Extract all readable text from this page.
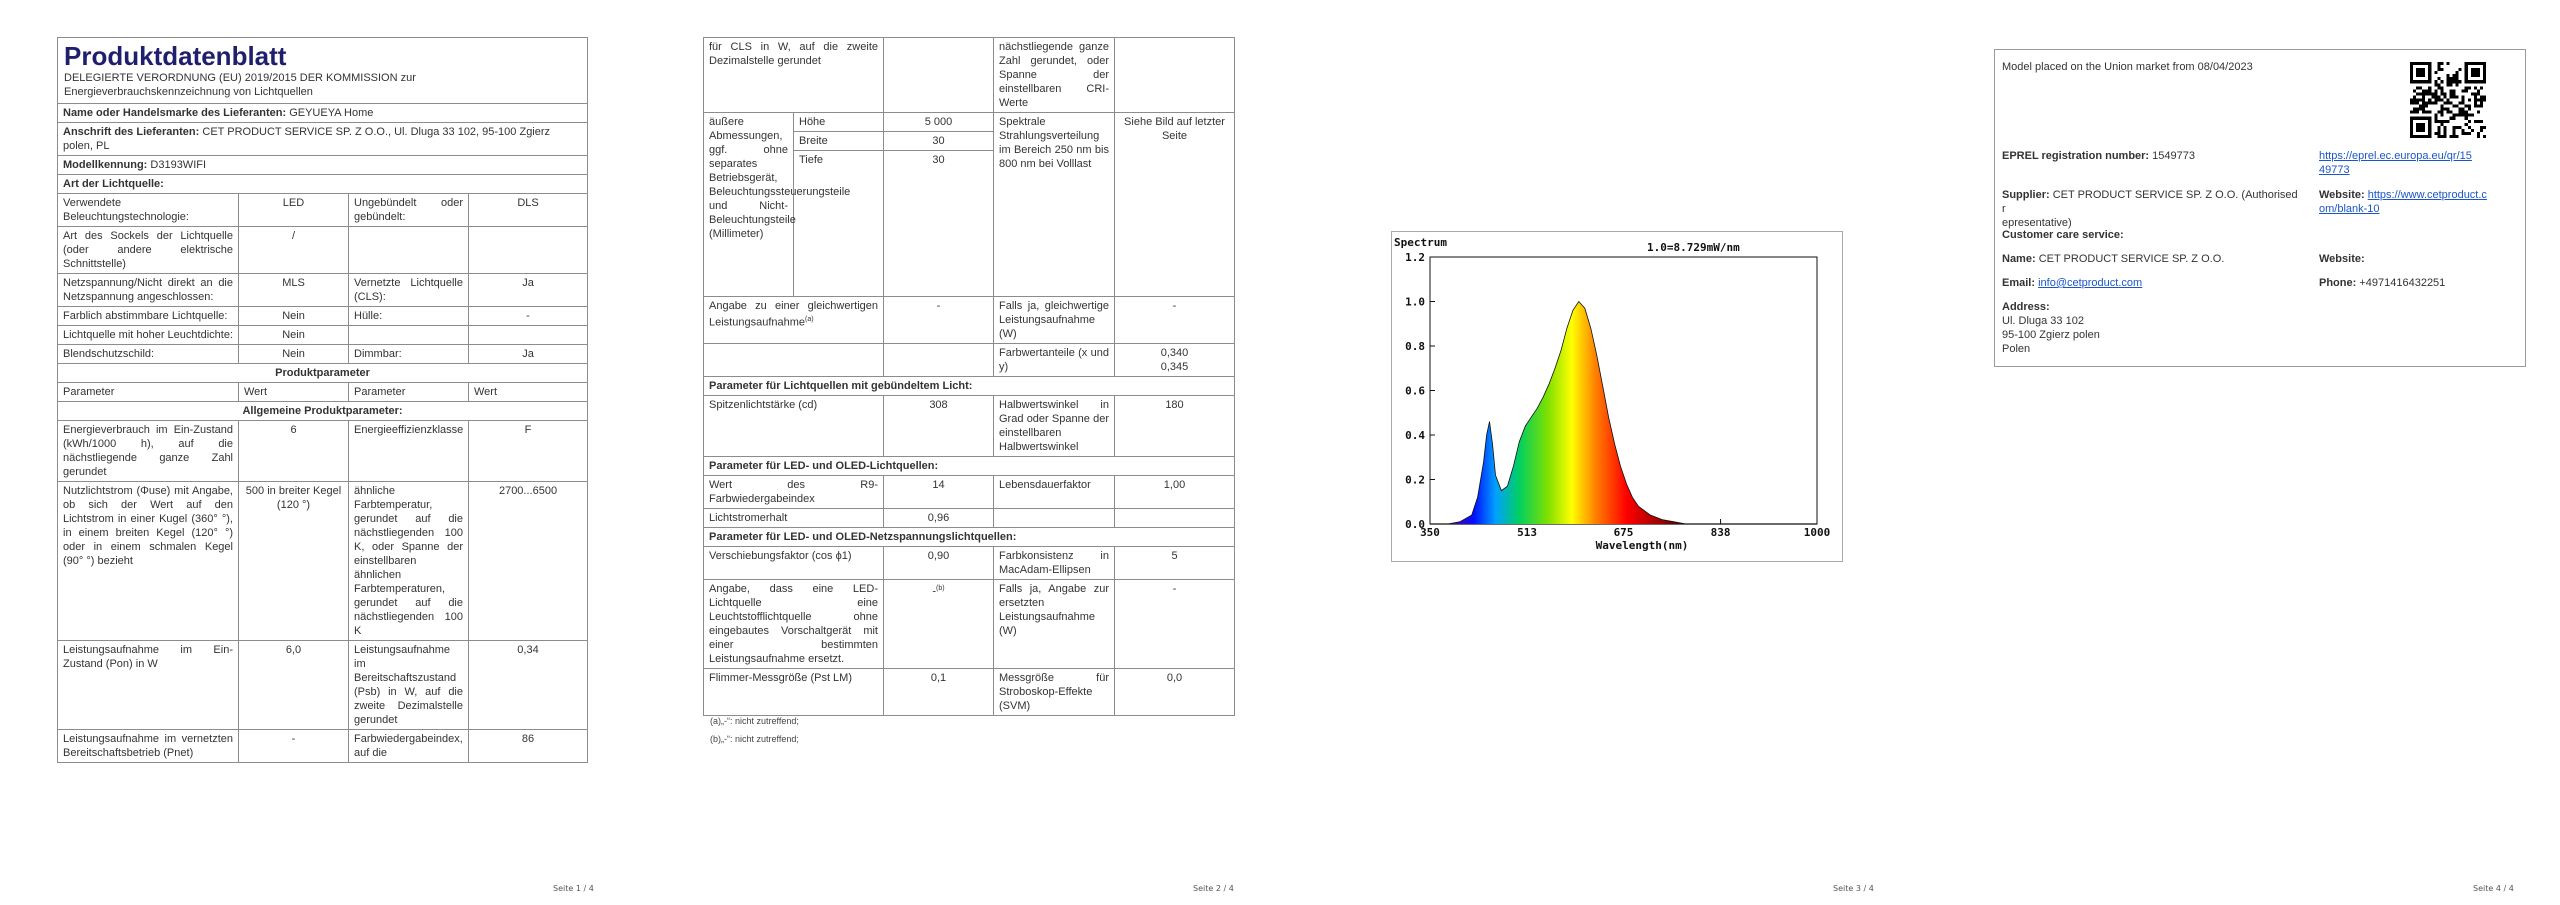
Produktdatenblatt
DELEGIERTE VERORDNUNG (EU) 2019/2015 DER KOMMISSION zur Energieverbrauchskennzeichnung von Lichtquellen			

Name oder Handelsmarke des Lieferanten: GEYUEYA Home			
Anschrift des Lieferanten: CET PRODUCT SERVICE SP. Z O.O., Ul. Dluga 33 102, 95-100 Zgierz polen, PL			
Modellkennung: D3193WIFI			
Art der Lichtquelle:			
Verwendete Beleuchtungstechnologie:	LED	Ungebündelt oder gebündelt:	DLS
Art des Sockels der Lichtquelle (oder andere elektrische Schnittstelle)	/		
Netzspannung/Nicht direkt an die Netzspannung angeschlossen:	MLS	Vernetzte Lichtquelle (CLS):	Ja
Farblich abstimmbare Lichtquelle:	Nein	Hülle:	-
Lichtquelle mit hoher Leuchtdichte:	Nein		
Blendschutzschild:	Nein	Dimmbar:	Ja
Produktparameter			
Parameter	Wert	Parameter	Wert
Allgemeine Produktparameter:			
Energieverbrauch im Ein-Zustand (kWh/1000 h), auf die nächstliegende ganze Zahl gerundet	6	Energieeffizienzklasse	F
Nutzlichtstrom (Φuse) mit Angabe, ob sich der Wert auf den Lichtstrom in einer Kugel (360° °), in einem breiten Kegel (120° °) oder in einem schmalen Kegel (90° °) bezieht	500 in breiter Kegel (120 °)	ähnliche Farbtemperatur, gerundet auf die nächstliegenden 100 K, oder Spanne der einstellbaren ähnlichen Farbtemperaturen, gerundet auf die nächstliegenden 100 K	2700...6500
Leistungsaufnahme im Ein-Zustand (Pon) in W	6,0	Leistungsaufnahme im Bereitschaftszustand (Psb) in W, auf die zweite Dezimalstelle gerundet	0,34
Leistungsaufnahme im vernetzten Bereitschaftsbetrieb (Pnet)	-	Farbwiedergabeindex, auf die	86
Seite 1 / 4
für CLS in W, auf die zweite Dezimalstelle gerundet			nächstliegende ganze Zahl gerundet, oder Spanne der einstellbaren CRI-Werte	
äußere Abmessungen, ggf. ohne separates Betriebsgerät, Beleuchtungssteuerungsteile und Nicht-Beleuchtungsteile (Millimeter)	Höhe	5 000	Spektrale Strahlungsverteilung im Bereich 250 nm bis 800 nm bei Volllast	Siehe Bild auf letzter Seite
	Breite	30		
	Tiefe	30		
Angabe zu einer gleichwertigen Leistungsaufnahme$^{(a)}$		-	Falls ja, gleichwertige Leistungsaufnahme (W)	-
			Farbwertanteile (x und y)	0,340
0,345

Parameter für Lichtquellen mit gebündeltem Licht:				
Spitzenlichtstärke (cd)		308	Halbwertswinkel in Grad oder Spanne der einstellbaren Halbwertswinkel	180
Parameter für LED- und OLED-Lichtquellen:				
Wert des R9-Farbwiedergabeindex		14	Lebensdauerfaktor	1,00
Lichtstromerhalt		0,96		
Parameter für LED- und OLED-Netzspannungslichtquellen:				
Verschiebungsfaktor (cos ϕ1)		0,90	Farbkonsistenz in MacAdam-Ellipsen	5
Angabe, dass eine LED-Lichtquelle eine Leuchtstofflichtquelle ohne eingebautes Vorschaltgerät mit einer bestimmten Leistungsaufnahme ersetzt.		-$^{(b)}$	Falls ja, Angabe zur ersetzten Leistungsaufnahme (W)	-
Flimmer-Messgröße (Pst LM)		0,1	Messgröße für Stroboskop-Effekte (SVM)	0,0
(a)„-“: nicht zutreffend;
(b)„-“: nicht zutreffend;
Seite 2 / 4	Seite 3 / 4
0.0
0.2
0.4
0.6
0.8
1.0
1.2
350	513	675	838	1000
Spectrum	1.0=8.729mW/nm
Wavelength(nm)
Seite 4 / 4
Model placed on the Union market from 08/04/2023
EPREL registration number: 1549773	https://eprel.ec.europa.eu/qr/15
49773
Supplier: CET PRODUCT SERVICE SP. Z O.O. (Authorised r
epresentative)
Website: https://www.cetproduct.c
om/blank-10
Customer care service:
Name: CET PRODUCT SERVICE SP. Z O.O.	Website:
Email: info@cetproduct.com	Phone: +4971416432251
Address:
Ul. Dluga 33 102
95-100 Zgierz polen
Polen
